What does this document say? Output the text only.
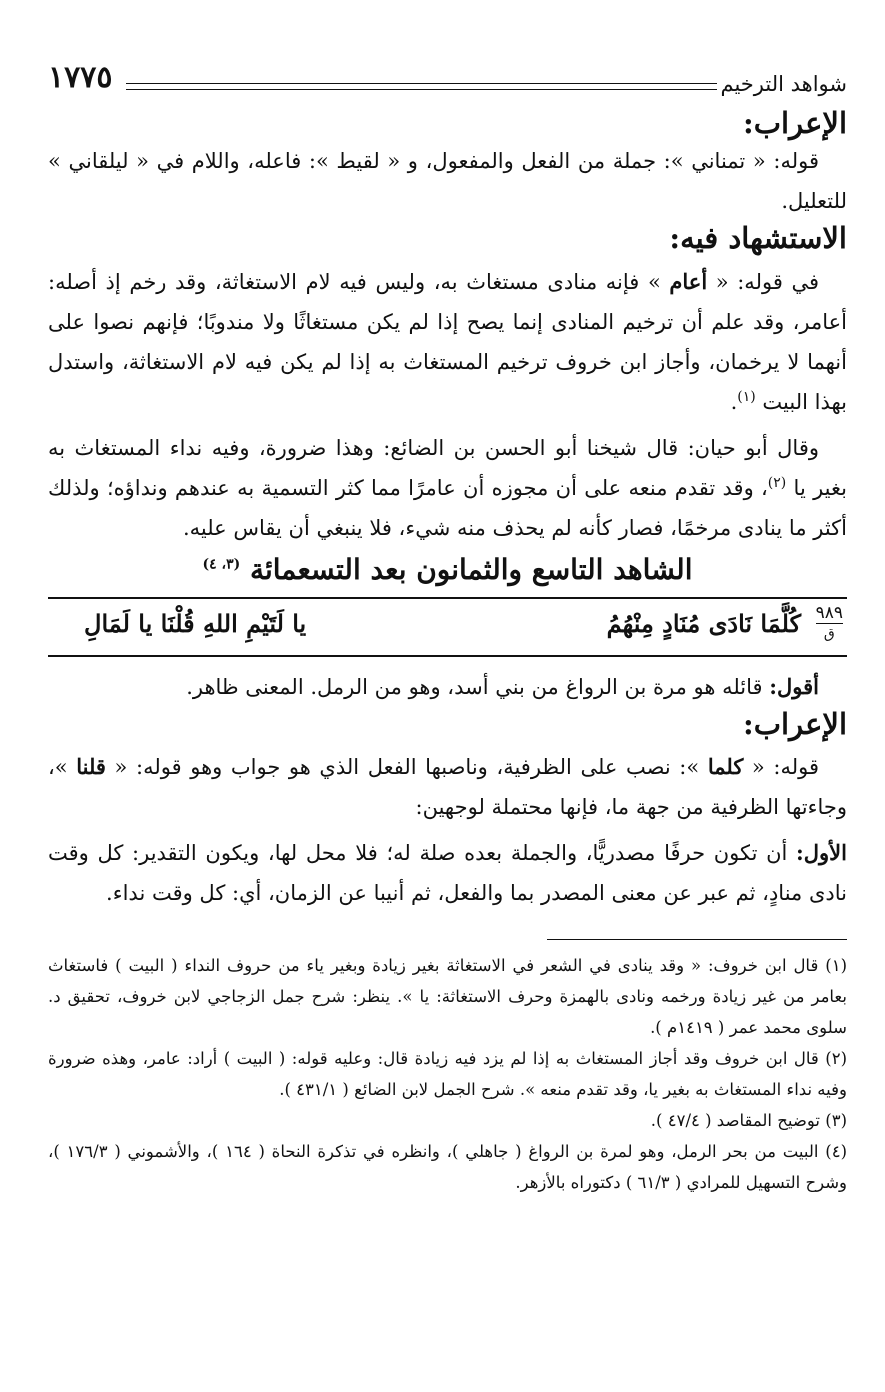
شواهد الترخيم
١٧٧٥
الإعراب:

قوله: « تمناني »: جملة من الفعل والمفعول، و « لقيط »: فاعله، واللام في « ليلقاني » للتعليل.

الاستشهاد فيه:

في قوله: « أعام » فإنه منادى مستغاث به، وليس فيه لام الاستغاثة، وقد رخم إذ أصله: أعامر، وقد علم أن ترخيم المنادى إنما يصح إذا لم يكن مستغاثًا ولا مندوبًا؛ فإنهم نصوا على أنهما لا يرخمان، وأجاز ابن خروف ترخيم المستغاث به إذا لم يكن فيه لام الاستغاثة، واستدل بهذا البيت $^{(١)}$.

وقال أبو حيان: قال شيخنا أبو الحسن بن الضائع: وهذا ضرورة، وفيه نداء المستغاث به بغير يا $^{(٢)}$، وقد تقدم منعه على أن مجوزه أن عامرًا مما كثر التسمية به عندهم ونداؤه؛ ولذلك أكثر ما ينادى مرخمًا، فصار كأنه لم يحذف منه شيء، فلا ينبغي أن يقاس عليه.

الشاهد التاسع والثمانون بعد التسعمائة $^{(٣، ٤)}$
٩٨٩
ق
كُلَّمَا نَادَى مُنَادٍ مِنْهُمُ
يا لَتَيْمِ اللهِ قُلْنَا يا لَمَالِ

أقول: قائله هو مرة بن الرواغ من بني أسد، وهو من الرمل. المعنى ظاهر.

الإعراب:

قوله: « كلما »: نصب على الظرفية، وناصبها الفعل الذي هو جواب وهو قوله: « قلنا »، وجاءتها الظرفية من جهة ما، فإنها محتملة لوجهين:

الأول: أن تكون حرفًا مصدريًّا، والجملة بعده صلة له؛ فلا محل لها، ويكون التقدير: كل وقت نادى منادٍ، ثم عبر عن معنى المصدر بما والفعل، ثم أنيبا عن الزمان، أي: كل وقت نداء.

(١) قال ابن خروف: « وقد ينادى في الشعر في الاستغاثة بغير زيادة وبغير ياء من حروف النداء ( البيت ) فاستغاث بعامر من غير زيادة ورخمه ونادى بالهمزة وحرف الاستغاثة: يا ». ينظر: شرح جمل الزجاجي لابن خروف، تحقيق د. سلوى محمد عمر ( ١٤١٩م ).

(٢) قال ابن خروف وقد أجاز المستغاث به إذا لم يزد فيه زيادة قال: وعليه قوله: ( البيت ) أراد: عامر، وهذه ضرورة وفيه نداء المستغاث به بغير يا، وقد تقدم منعه ». شرح الجمل لابن الضائع ( ٤٣١/١ ).

(٣) توضيح المقاصد ( ٤٧/٤ ).

(٤) البيت من بحر الرمل، وهو لمرة بن الرواغ ( جاهلي )، وانظره في تذكرة النحاة ( ١٦٤ )، والأشموني ( ١٧٦/٣ )، وشرح التسهيل للمرادي ( ٦١/٣ ) دكتوراه بالأزهر.
